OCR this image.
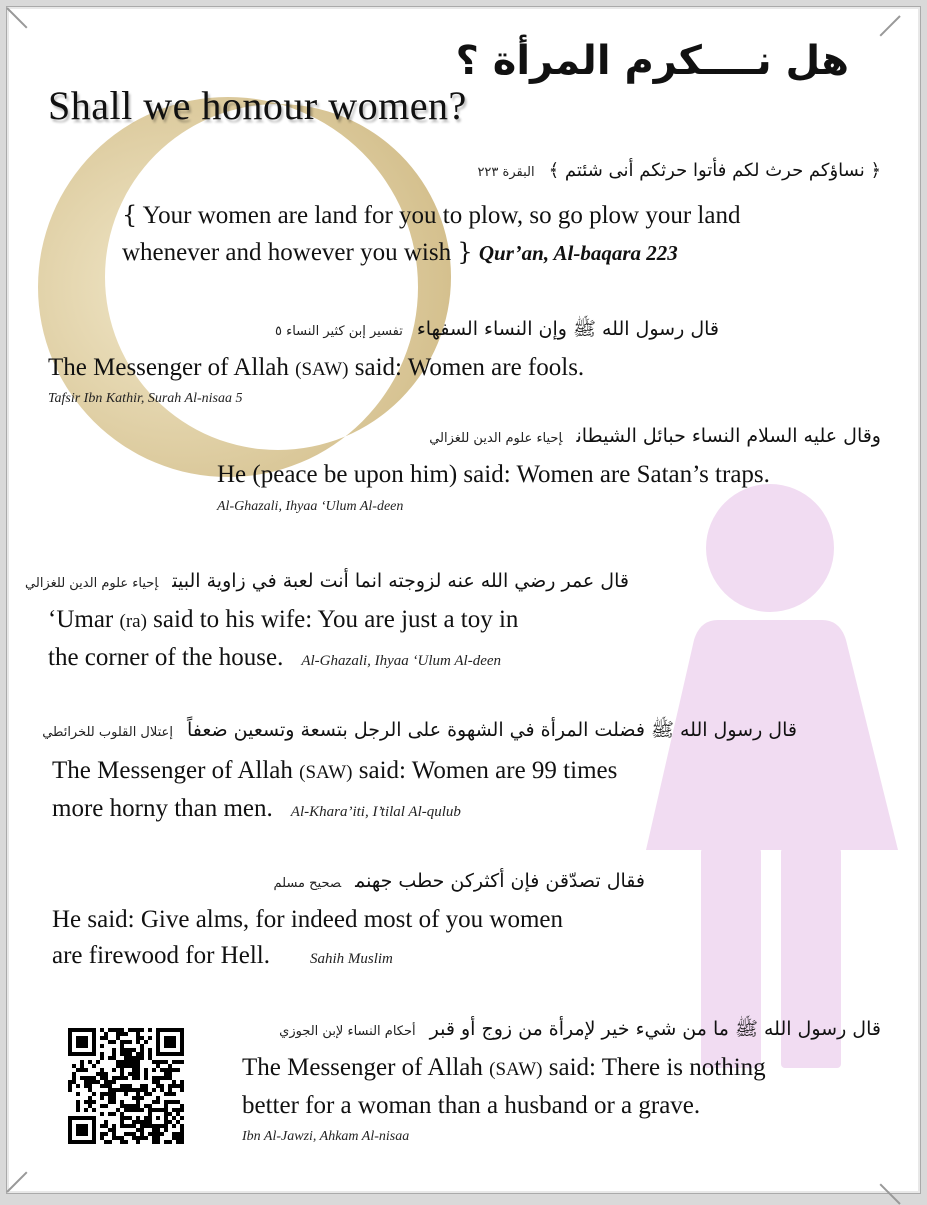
هل نــــكرم المرأة ؟
Shall we honour women?
﴿ نساؤكم حرث لكم فأتوا حرثكم أنى شئتم ﴾البقرة ٢٢٣
{ Your women are land for you to plow, so go plow your land
whenever and however you wish } Qur’an, Al-baqara 223
قال رسول الله ﷺ وإن النساء السفهاءتفسير إبن كثير النساء ٥
The Messenger of Allah (SAW) said: Women are fools.
Tafsir Ibn Kathir, Surah Al-nisaa 5
وقال عليه السلام النساء حبائل الشيطانإحياء علوم الدين للغزالي
He (peace be upon him) said: Women are Satan’s traps.
Al-Ghazali, Ihyaa ‘Ulum Al-deen
قال عمر رضي الله عنه لزوجته انما أنت لعبة في زاوية البيتإحياء علوم الدين للغزالي
‘Umar (ra) said to his wife: You are just a toy in
the corner of the house. Al-Ghazali, Ihyaa ‘Ulum Al-deen
قال رسول الله ﷺ فضلت المرأة في الشهوة على الرجل بتسعة وتسعين ضعفاًإعتلال القلوب للخرائطي
The Messenger of Allah (SAW) said: Women are 99 times
more horny than men. Al-Khara’iti, I’tilal Al-qulub
فقال تصدّقن فإن أكثركن حطب جهنمصحيح مسلم
He said: Give alms, for indeed most of you women
are firewood for Hell.	Sahih Muslim
قال رسول الله ﷺ ما من شيء خير لإمرأة من زوج أو قبرأحكام النساء لإبن الجوزي
The Messenger of Allah (SAW) said: There is nothing
better for a woman than a husband or a grave.
Ibn Al-Jawzi, Ahkam Al-nisaa
